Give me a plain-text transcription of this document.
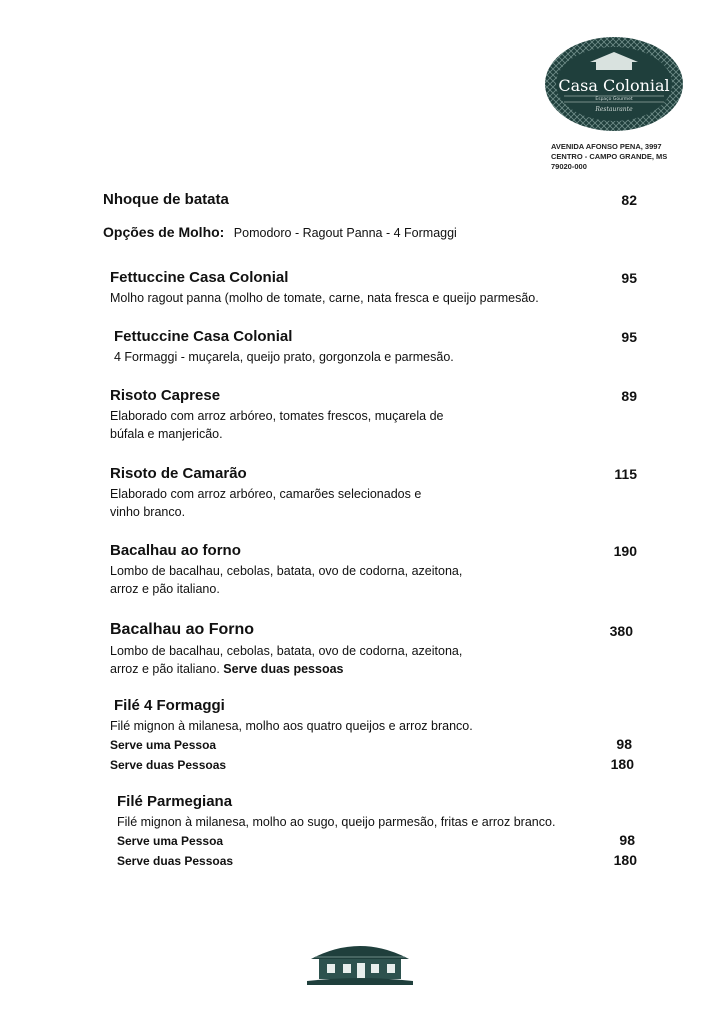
Casa Colonial
Espaço Gourmet
Restaurante
AVENIDA AFONSO PENA, 3997
CENTRO - CAMPO GRANDE, MS
79020-000
Nhoque de batata	82
Opções de Molho: Pomodoro - Ragout Panna - 4 Formaggi
Fettuccine Casa Colonial	95
Molho ragout panna (molho de tomate, carne, nata fresca e queijo parmesão.
Fettuccine Casa Colonial	95
4 Formaggi - muçarela, queijo prato, gorgonzola e parmesão.
Risoto Caprese	89
Elaborado com arroz arbóreo, tomates frescos, muçarela de
búfala e manjericão.
Risoto de Camarão	115
Elaborado com arroz arbóreo, camarões selecionados e
vinho branco.
Bacalhau ao forno	190
Lombo de bacalhau, cebolas, batata, ovo de codorna, azeitona,
arroz e pão italiano.
Bacalhau ao Forno	380
Lombo de bacalhau, cebolas, batata, ovo de codorna, azeitona,
arroz e pão italiano. Serve duas pessoas
Filé 4 Formaggi
Filé mignon à milanesa, molho aos quatro queijos e arroz branco.
Serve uma Pessoa	98
Serve duas Pessoas	180
Filé Parmegiana
Filé mignon à milanesa, molho ao sugo, queijo parmesão, fritas e arroz branco.
Serve uma Pessoa	98
Serve duas Pessoas	180
